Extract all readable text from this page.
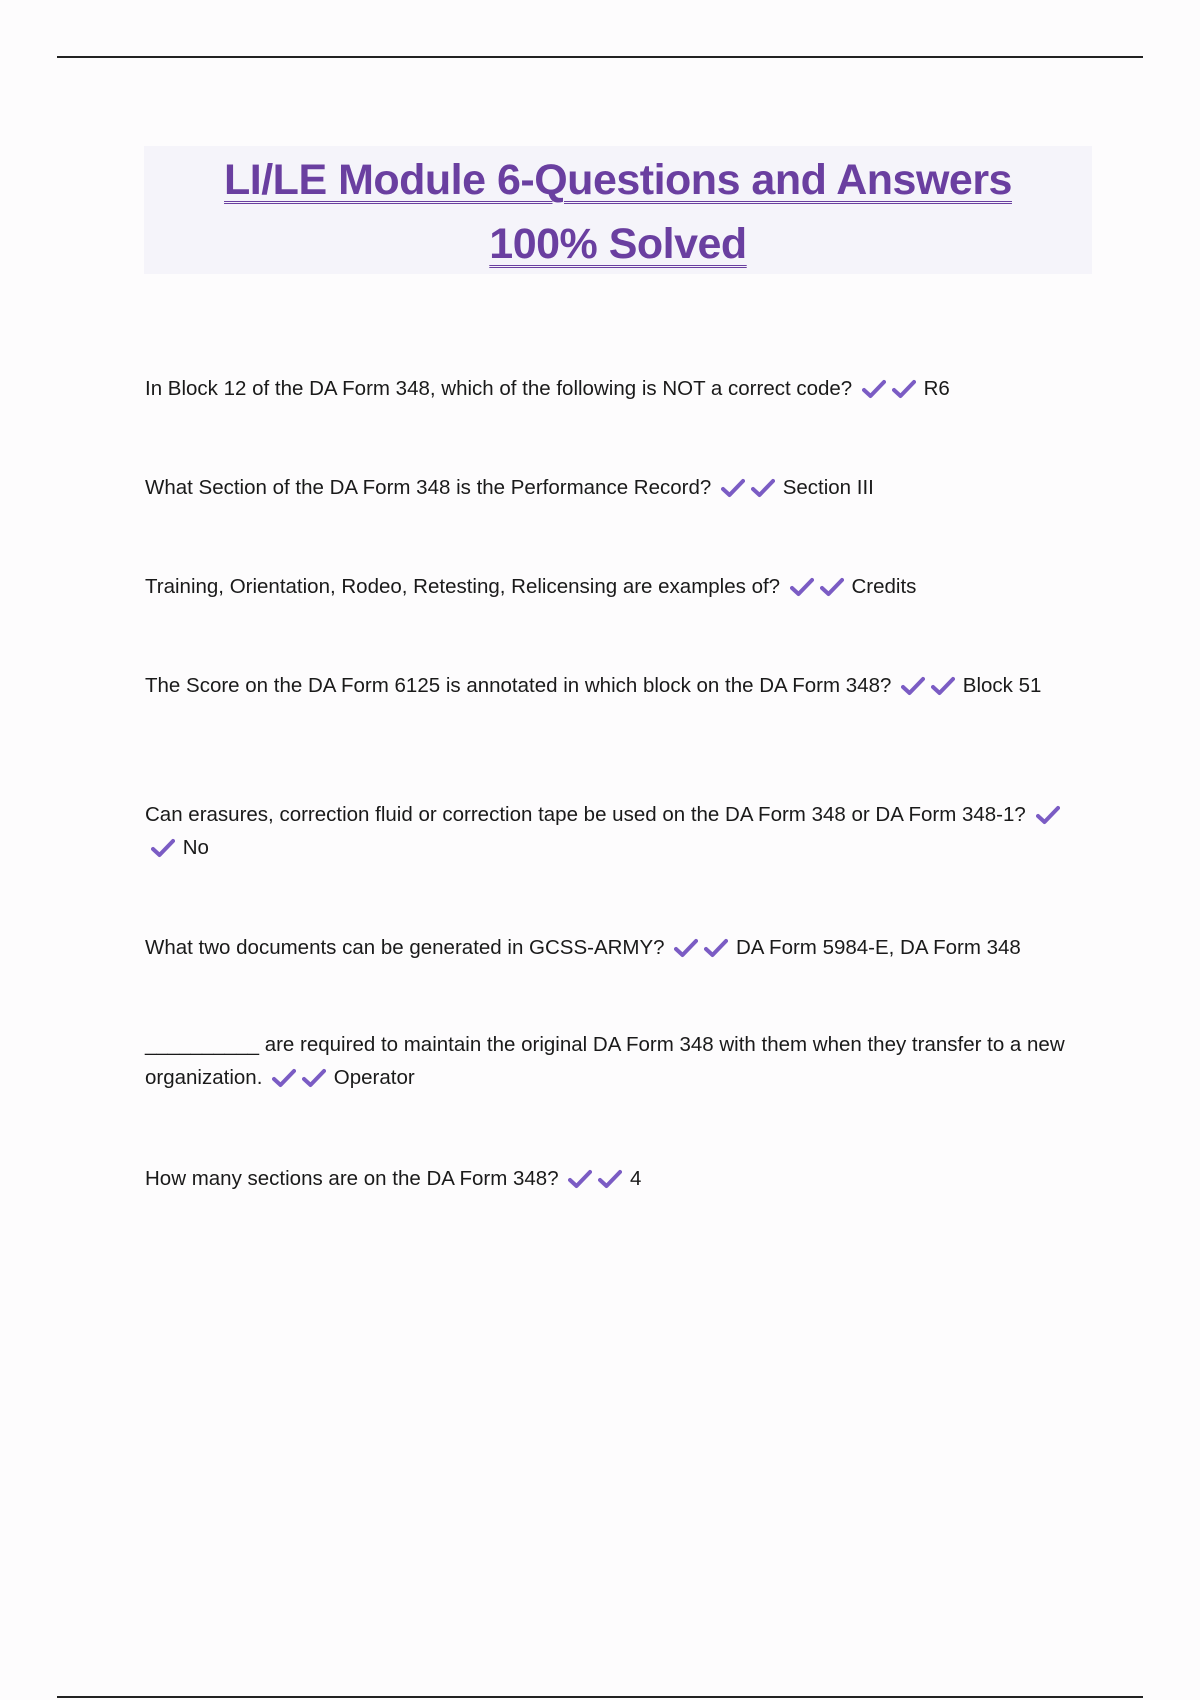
LI/LE Module 6-Questions and Answers
100% Solved
In Block 12 of the DA Form 348, which of the following is NOT a correct code?	R6
What Section of the DA Form 348 is the Performance Record?	Section III
Training, Orientation, Rodeo, Retesting, Relicensing are examples of?	Credits
The Score on the DA Form 6125 is annotated in which block on the DA Form 348?	Block 51
Can erasures, correction fluid or correction tape be used on the DA Form 348 or DA Form 348-1?
No
What two documents can be generated in GCSS-ARMY?	DA Form 5984-E, DA Form 348
__________ are required to maintain the original DA Form 348 with them when they transfer to a new organization.	Operator
How many sections are on the DA Form 348?	4
